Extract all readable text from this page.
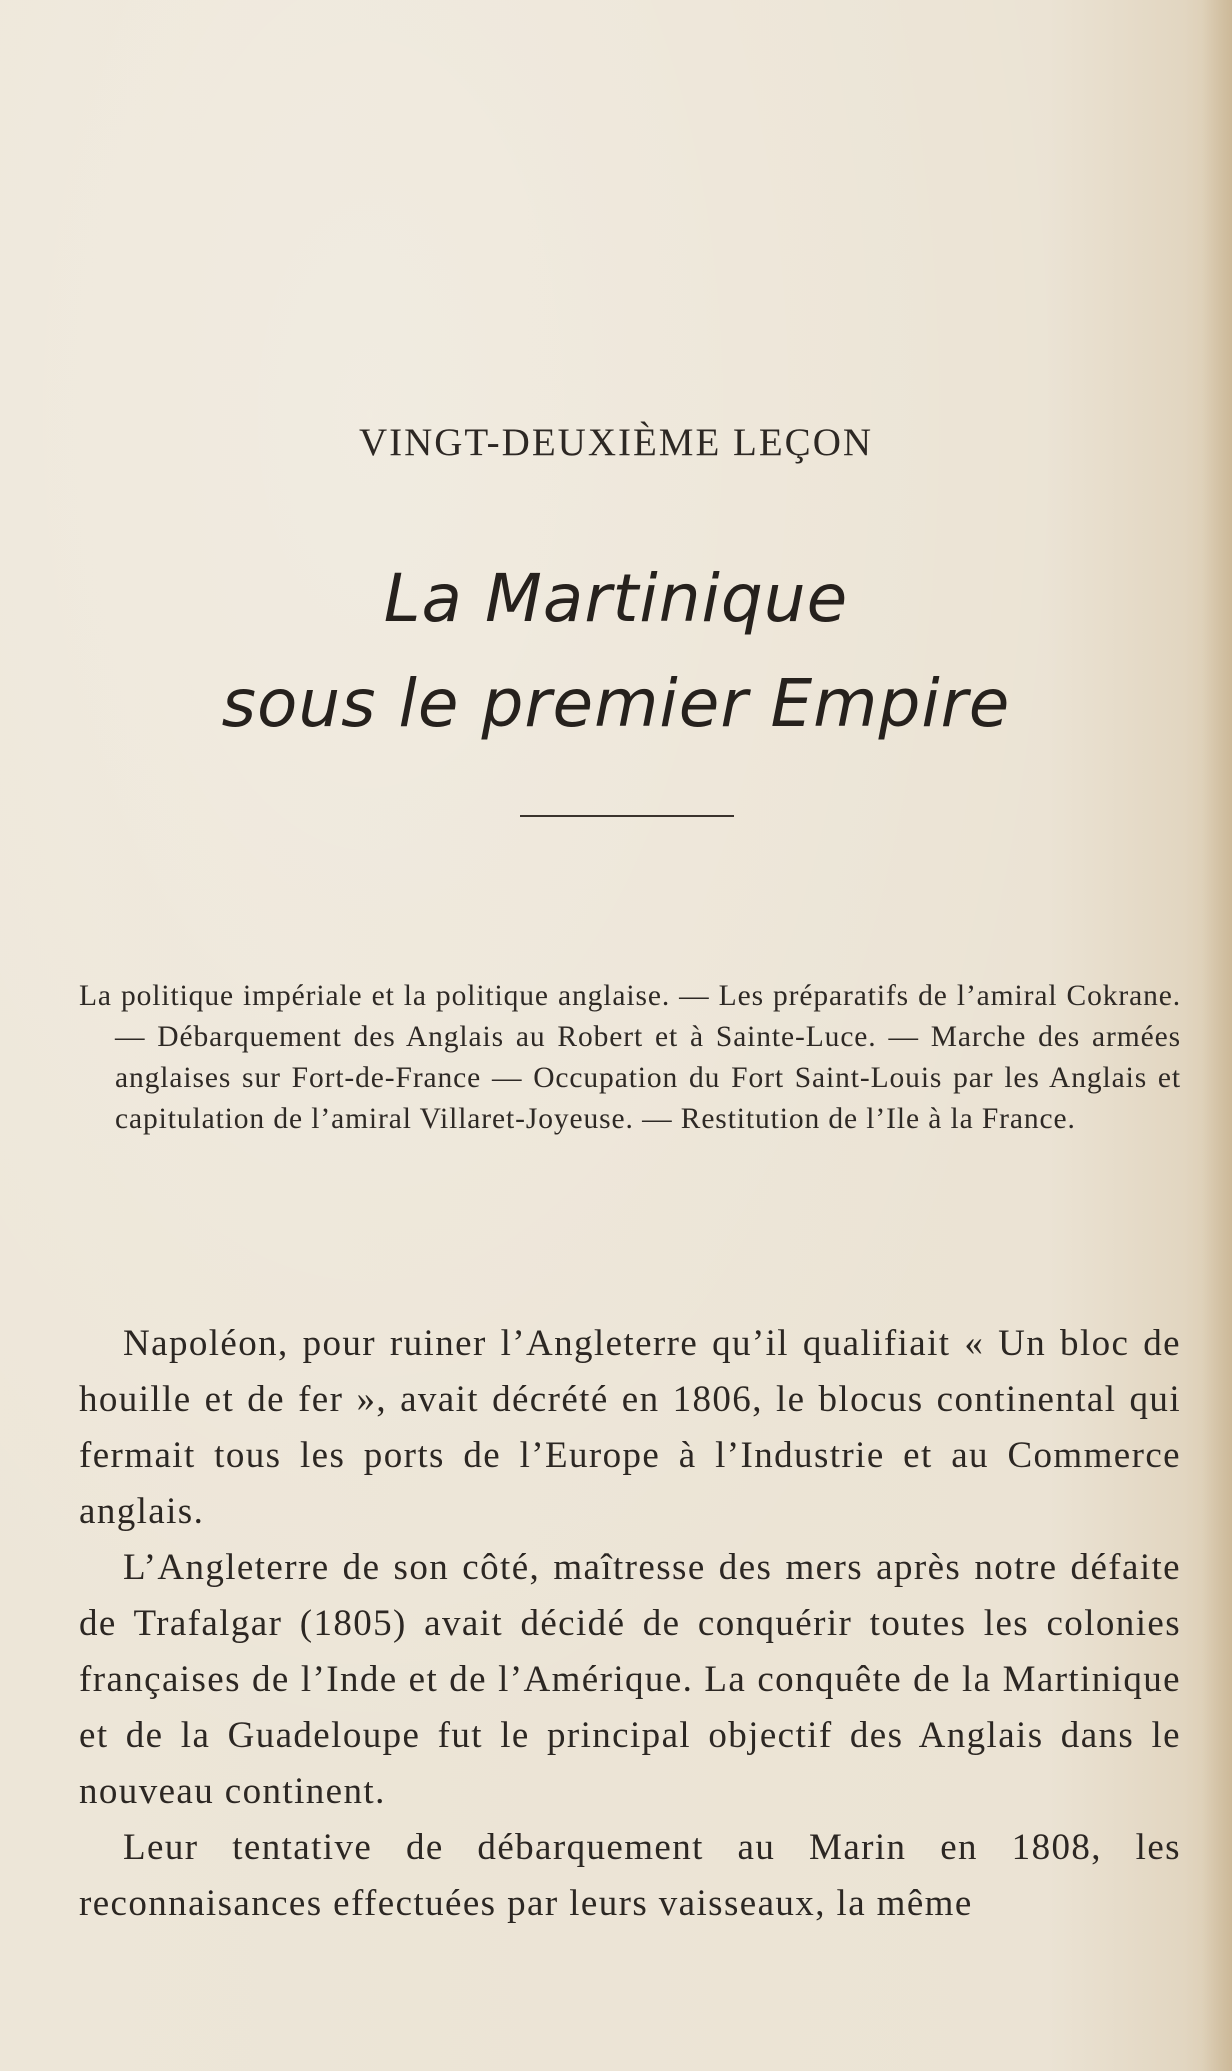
VINGT-DEUXIÈME LEÇON
La Martinique
sous le premier Empire
La politique impériale et la politique anglaise. — Les préparatifs de l’amiral Cokrane. — Débarquement des Anglais au Robert et à Sainte-Luce. — Marche des armées anglaises sur Fort-de-France — Occupation du Fort Saint-Louis par les Anglais et capitulation de l’amiral Villaret-Joyeuse. — Restitution de l’Ile à la France.

Napoléon, pour ruiner l’Angleterre qu’il qualifiait « Un bloc de houille et de fer », avait décrété en 1806, le blocus continental qui fermait tous les ports de l’Europe à l’Industrie et au Commerce anglais.

L’Angleterre de son côté, maîtresse des mers après notre défaite de Trafalgar (1805) avait décidé de conquérir toutes les colonies françaises de l’Inde et de l’Amérique. La conquête de la Martinique et de la Guadeloupe fut le principal objectif des Anglais dans le nouveau continent.

Leur tentative de débarquement au Marin en 1808, les reconnaisances effectuées par leurs vaisseaux, la même
